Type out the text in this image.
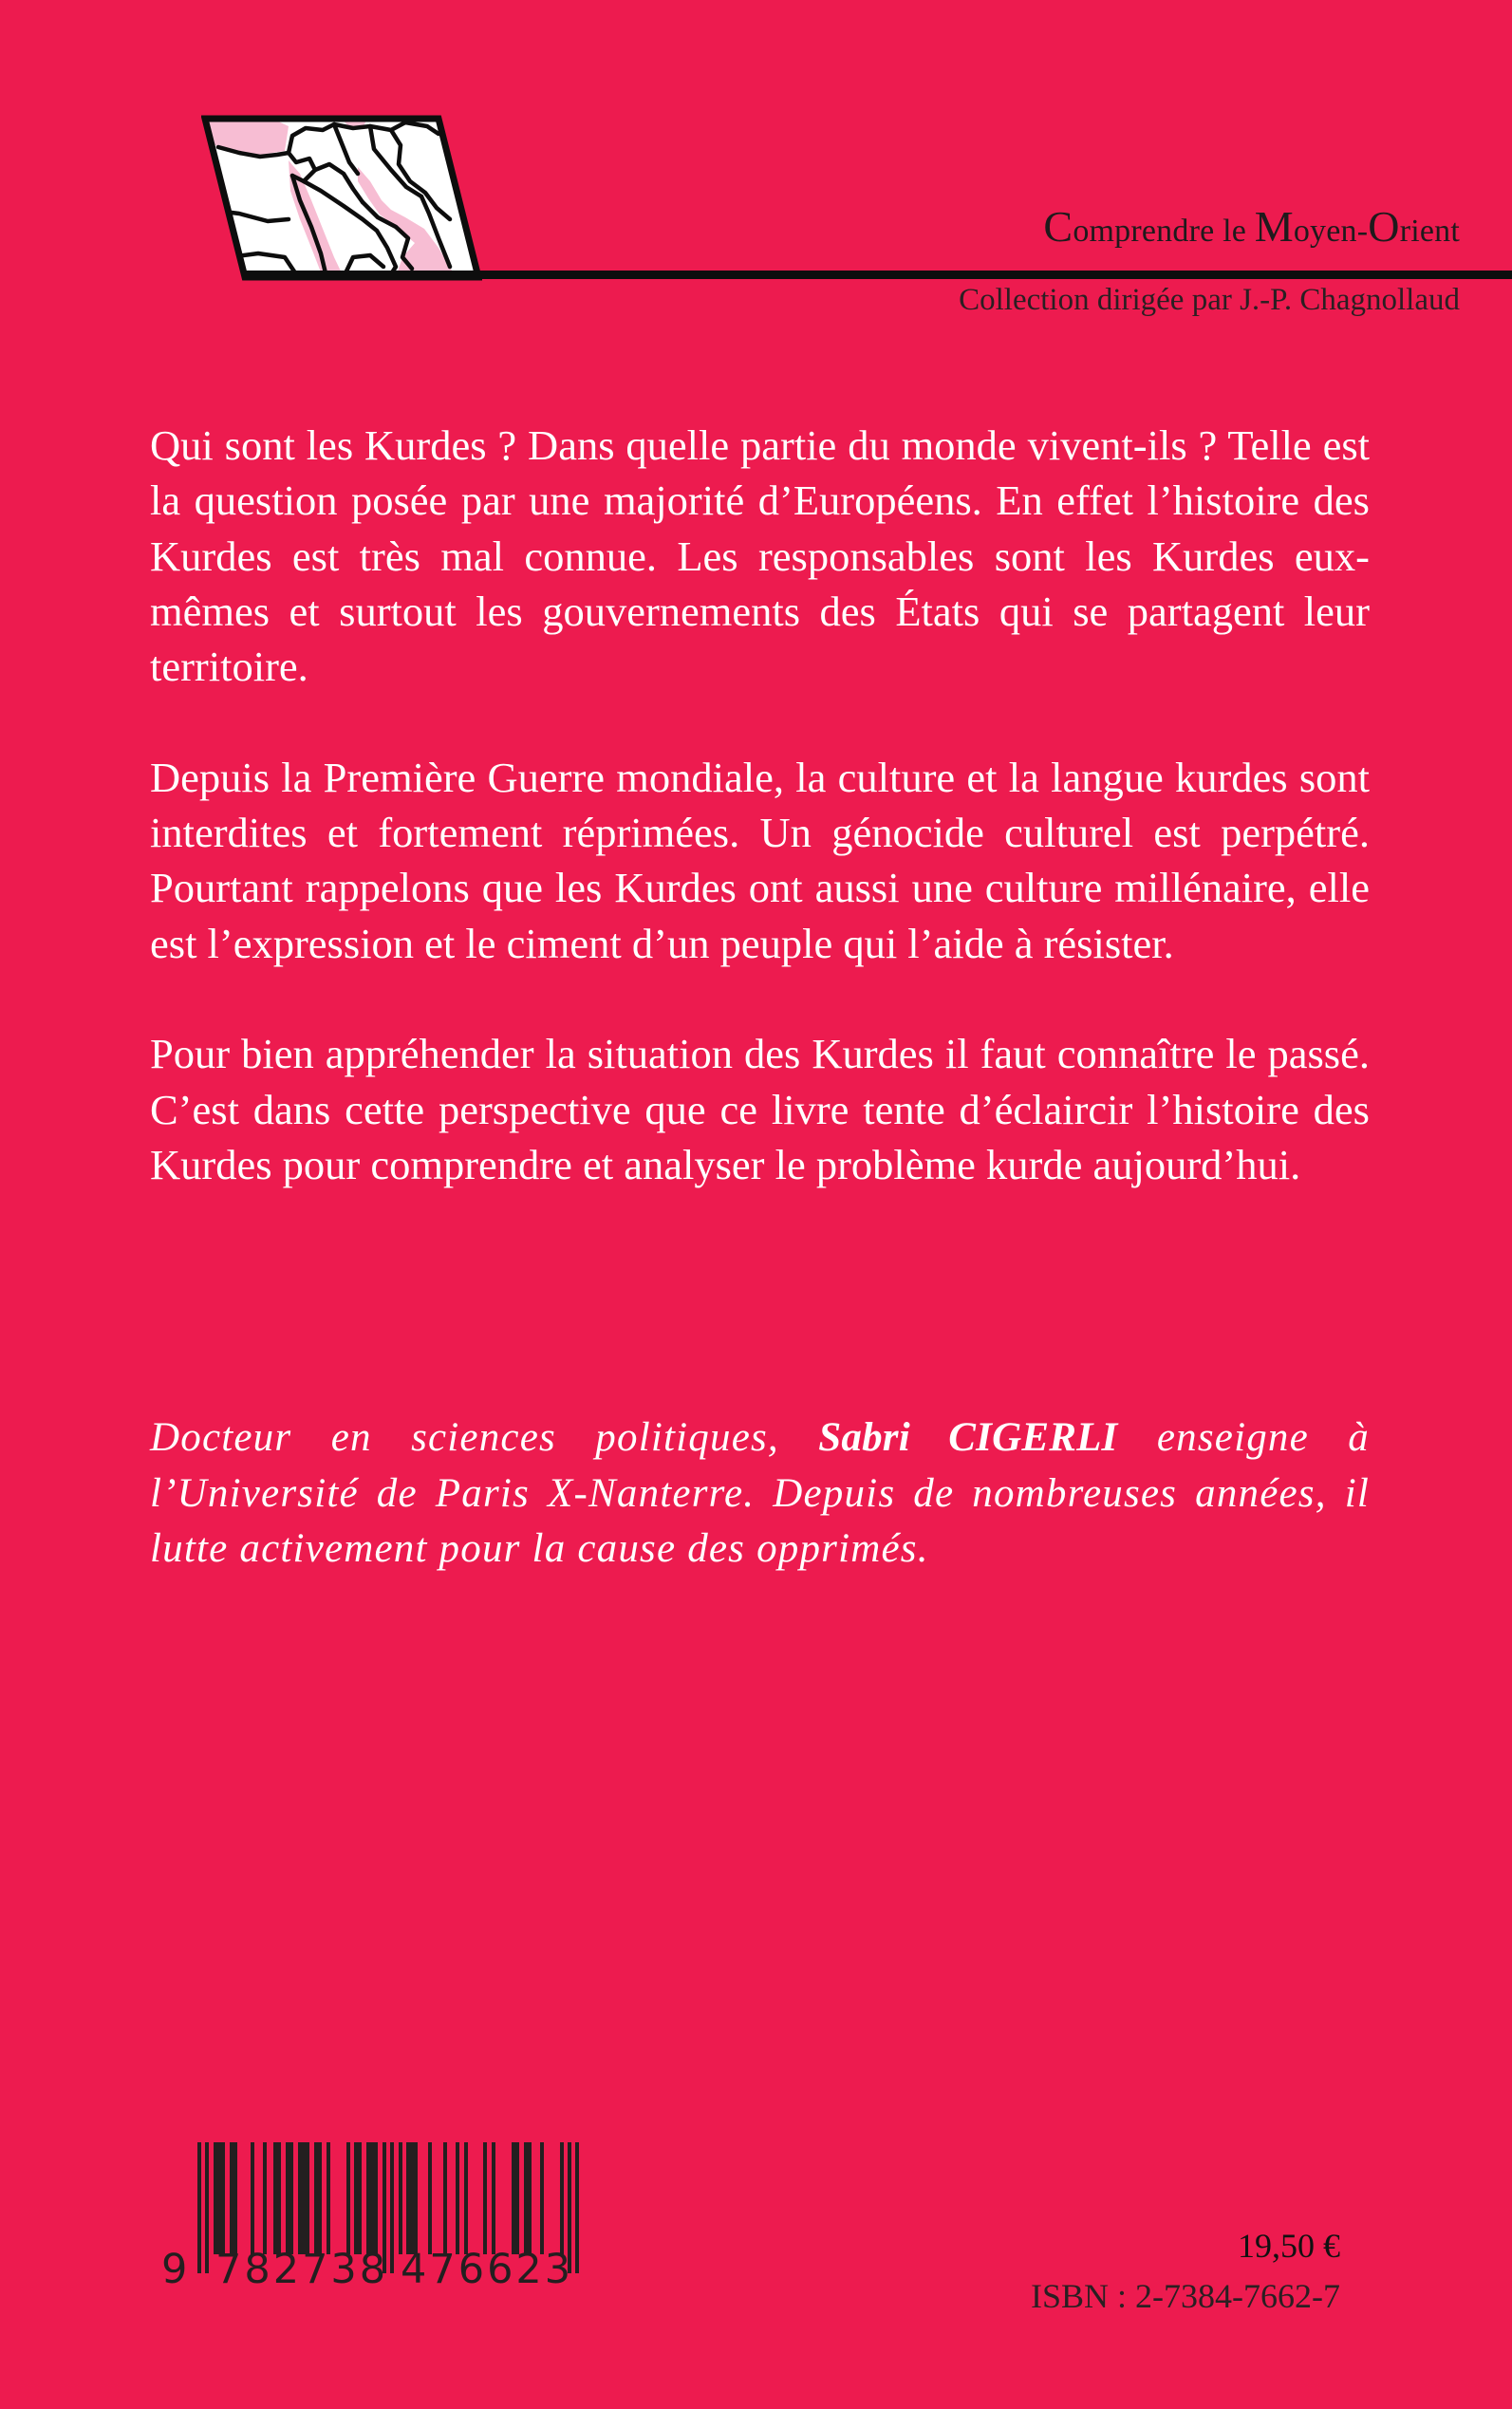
Comprendre le Moyen-Orient
Collection dirigée par J.-P. Chagnollaud

Qui sont les Kurdes ? Dans quelle partie du monde vivent-ils ? Telle est la question posée par une majorité d’Européens. En effet l’histoire des Kurdes est très mal connue. Les responsables sont les Kurdes eux-mêmes et surtout les gouvernements des États qui se partagent leur territoire.

Depuis la Première Guerre mondiale, la culture et la langue kurdes sont interdites et fortement réprimées. Un génocide culturel est perpétré. Pourtant rappelons que les Kurdes ont aussi une culture millénaire, elle est l’expression et le ciment d’un peuple qui l’aide à résister.

Pour bien appréhender la situation des Kurdes il faut connaître le passé. C’est dans cette perspective que ce livre tente d’éclaircir l’histoire des Kurdes pour comprendre et analyser le problème kurde aujourd’hui.

Docteur en sciences politiques, Sabri CIGERLI enseigne à l’Université de Paris X-Nanterre. Depuis de nombreuses années, il lutte activement pour la cause des opprimés.
9 782738 476623	19,50 €
ISBN : 2-7384-7662-7
